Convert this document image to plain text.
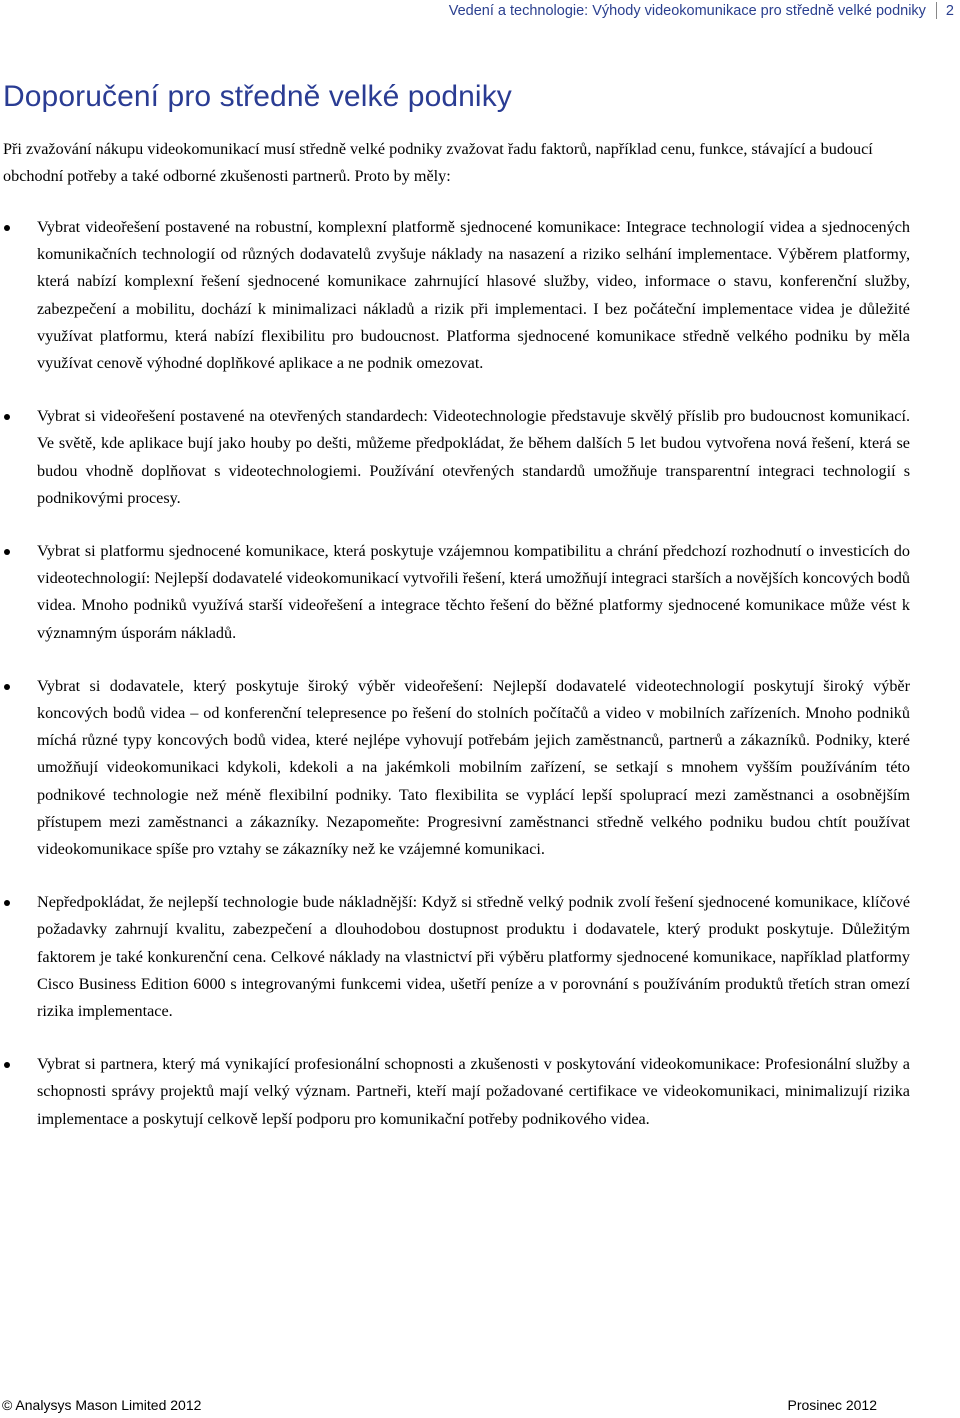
Vedení a technologie: Výhody videokomunikace pro středně velké podniky 2
Doporučení pro středně velké podniky

Při zvažování nákupu videokomunikací musí středně velké podniky zvažovat řadu faktorů, například cenu, funkce, stávající a budoucí obchodní potřeby a také odborné zkušenosti partnerů. Proto by měly:

Vybrat videořešení postavené na robustní, komplexní platformě sjednocené komunikace: Integrace technologií videa a sjednocených komunikačních technologií od různých dodavatelů zvyšuje náklady na nasazení a riziko selhání implementace. Výběrem platformy, která nabízí komplexní řešení sjednocené komunikace zahrnující hlasové služby, video, informace o stavu, konferenční služby, zabezpečení a mobilitu, dochází k minimalizaci nákladů a rizik při implementaci. I bez počáteční implementace videa je důležité využívat platformu, která nabízí flexibilitu pro budoucnost. Platforma sjednocené komunikace středně velkého podniku by měla využívat cenově výhodné doplňkové aplikace a ne podnik omezovat.
Vybrat si videořešení postavené na otevřených standardech: Videotechnologie představuje skvělý příslib pro budoucnost komunikací. Ve světě, kde aplikace bují jako houby po dešti, můžeme předpokládat, že během dalších 5 let budou vytvořena nová řešení, která se budou vhodně doplňovat s videotechnologiemi. Používání otevřených standardů umožňuje transparentní integraci technologií s podnikovými procesy.
Vybrat si platformu sjednocené komunikace, která poskytuje vzájemnou kompatibilitu a chrání předchozí rozhodnutí o investicích do videotechnologií: Nejlepší dodavatelé videokomunikací vytvořili řešení, která umožňují integraci starších a novějších koncových bodů videa. Mnoho podniků využívá starší videořešení a integrace těchto řešení do běžné platformy sjednocené komunikace může vést k významným úsporám nákladů.
Vybrat si dodavatele, který poskytuje široký výběr videořešení: Nejlepší dodavatelé videotechnologií poskytují široký výběr koncových bodů videa – od konferenční telepresence po řešení do stolních počítačů a video v mobilních zařízeních. Mnoho podniků míchá různé typy koncových bodů videa, které nejlépe vyhovují potřebám jejich zaměstnanců, partnerů a zákazníků. Podniky, které umožňují videokomunikaci kdykoli, kdekoli a na jakémkoli mobilním zařízení, se setkají s mnohem vyšším používáním této podnikové technologie než méně flexibilní podniky. Tato flexibilita se vyplácí lepší spoluprací mezi zaměstnanci a osobnějším přístupem mezi zaměstnanci a zákazníky. Nezapomeňte: Progresivní zaměstnanci středně velkého podniku budou chtít používat videokomunikace spíše pro vztahy se zákazníky než ke vzájemné komunikaci.
Nepředpokládat, že nejlepší technologie bude nákladnější: Když si středně velký podnik zvolí řešení sjednocené komunikace, klíčové požadavky zahrnují kvalitu, zabezpečení a dlouhodobou dostupnost produktu i dodavatele, který produkt poskytuje. Důležitým faktorem je také konkurenční cena. Celkové náklady na vlastnictví při výběru platformy sjednocené komunikace, například platformy Cisco Business Edition 6000 s integrovanými funkcemi videa, ušetří peníze a v porovnání s používáním produktů třetích stran omezí rizika implementace.
Vybrat si partnera, který má vynikající profesionální schopnosti a zkušenosti v poskytování videokomunikace: Profesionální služby a schopnosti správy projektů mají velký význam. Partneři, kteří mají požadované certifikace ve videokomunikaci, minimalizují rizika implementace a poskytují celkově lepší podporu pro komunikační potřeby podnikového videa.
© Analysys Mason Limited 2012	Prosinec 2012
